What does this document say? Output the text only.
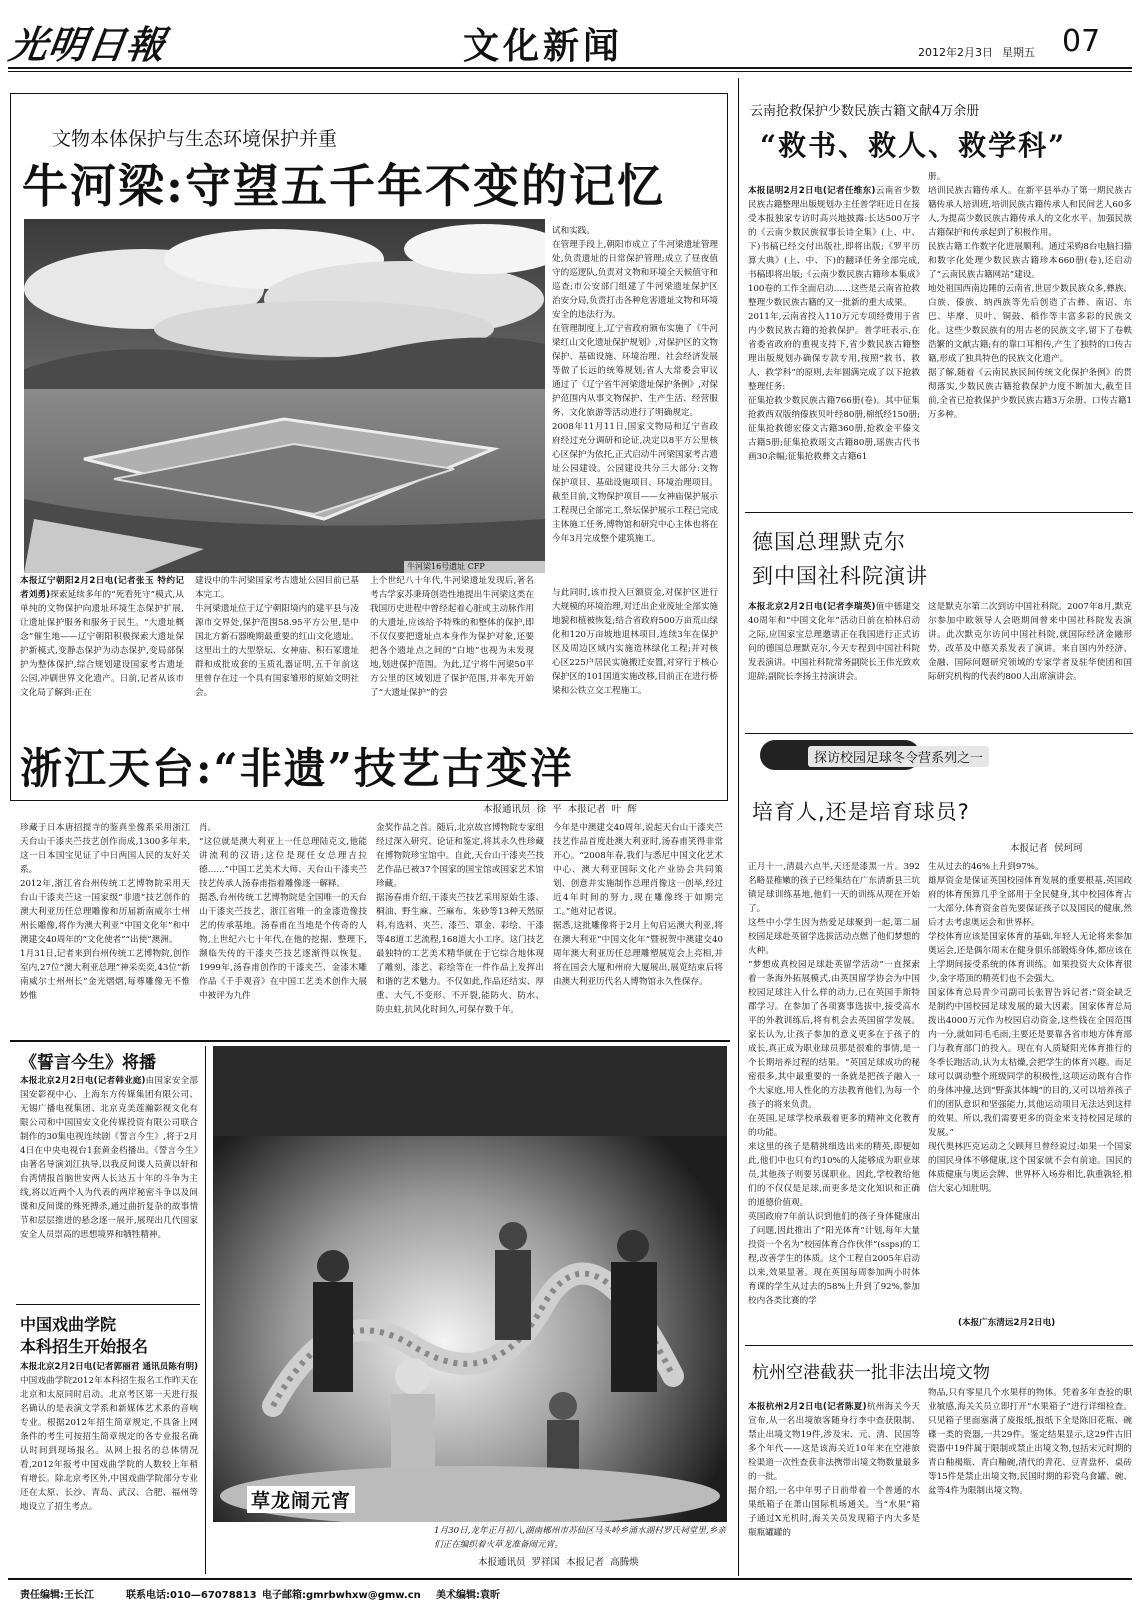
光明日報	文化新闻	2012年2月3日 星期五 07
文物本体保护与生态环境保护并重
牛河梁:守望五千年不变的记忆
牛河梁16号遗址 CFP
本报辽宁朝阳2月2日电(记者张玉 特约记者刘勇)探索延续多年的“死看死守”模式,从单纯的文物保护向遗址环境生态保护扩展,让遗址保护服务和服务于民生。“大遗址概念”催生地——辽宁朝阳积极探索大遗址保护新模式,变静态保护为动态保护,变局部保护为整体保护,综合规划建设国家考古遗址公园,冲刷世界文化遗产。日前,记者从该市文化局了解到:正在
建设中的牛河梁国家考古遗址公园目前已基本完工。
牛河梁遗址位于辽宁朝阳境内的建平县与凌源市交界处,保护范围58.95平方公里,是中国北方新石器晚期最重要的红山文化遗址。这里出土的大型祭坛、女神庙、积石冢遗址群和成批成套的玉质礼器证明,五千年前这里曾存在过一个具有国家雏形的原始文明社会。
上个世纪八十年代,牛河梁遗址发现后,著名考古学家苏秉琦创造性地提出牛河梁这类在我国历史进程中曾经起着心脏或主动脉作用的大遗址,应该给予特殊的和整体的保护,即不仅仅要把遗址点本身作为保护对象,还要把各个遗址点之间的“白地”也视为未发现地,划进保护范围。为此,辽宁将牛河梁50平方公里的区域划进了保护范围,并率先开始了“大遗址保护”的尝
试和实践。
在管理手段上,朝阳市成立了牛河梁遗址管理处,负责遗址的日常保护管理;成立了昼夜值守的巡逻队,负责对文物和环境全天候值守和巡查;市公安部门组建了牛河梁遗址保护区治安分局,负责打击各种危害遗址文物和环境安全的违法行为。
在管理制度上,辽宁省政府颁布实施了《牛河梁红山文化遗址保护规划》,对保护区的文物保护、基础设施、环境治理、社会经济发展等做了长远的统筹规划;省人大常委会审议通过了《辽宁省牛河梁遗址保护条例》,对保护范围内从事文物保护、生产生活、经营服务、文化旅游等活动进行了明确规定。
2008年11月11日,国家文物局和辽宁省政府经过充分调研和论证,决定以8平方公里核心区保护为依托,正式启动牛河梁国家考古遗址公园建设。公园建设共分三大部分:文物保护项目、基础设施项目、环境治理项目。截至目前,文物保护项目——女神庙保护展示工程现已全部完工,祭坛保护展示工程已完成主体施工任务,博物馆和研究中心主体也将在今年3月完成整个建筑施工。
与此同时,该市投入巨额资金,对保护区进行大规模的环境治理,对迁出企业废址全部实施地貌和植被恢复;结合省政府500万亩荒山绿化和120万亩坡地退林项目,连续3年在保护区及周边区域内实施造林绿化工程;并对核心区225户居民实施搬迁安置,对穿行于核心保护区的101国道实施改移,目前正在进行桥梁和公铁立交工程施工。
浙江天台:“非遗”技艺古变洋
本报通讯员  徐  平  本报记者  叶  辉
珍藏于日本唐招提寺的鉴真坐像系采用浙江天台山干漆夹苎技艺创作而成,1300多年来,这一日本国宝见证了中日两国人民的友好关系。
2012年,浙江省台州传统工艺博物院采用天台山干漆夹苎这一国家级“非遗”技艺创作的澳大利亚历任总理雕像和历届新南威尔士州州长雕像,将作为澳大利亚“中国文化年”和中澳建交40周年的“文化使者”“出使”澳洲。
1月31日,记者来到台州传统工艺博物院,创作室内,27位“澳大利亚总理”神采奕奕,43位“新南威尔士州州长”金光熠熠,每尊雕像无不惟妙惟
肖。
“这位就是澳大利亚上一任总理陆克文,他能讲流利的汉语;这位是现任女总理吉拉德……”中国工艺美术大师、天台山干漆夹苎技艺传承人汤春甫指着雕像逐一解释。
据悉,台州传统工艺博物院是全国唯一的天台山干漆夹苎技艺、浙江省唯一的金漆造像技艺的传承基地。汤春甫在当地是个传奇的人物,上世纪六七十年代,在他的挖掘、整理下,濒临失传的干漆夹苎技艺逐渐得以恢复。1999年,汤春甫创作的干漆夹苎、金漆木雕作品《千手观音》在中国工艺美术创作大展中被评为九件
金奖作品之首。随后,北京故宫博物院专家组经过深入研究、论证和鉴定,将其永久性珍藏在博物院珍宝馆中。自此,天台山干漆夹苎技艺作品已被37个国家的国宝馆或国家艺术馆珍藏。
据汤春甫介绍,干漆夹苎技艺采用原始生漆、桐油、野生麻、苎麻布、朱砂等13种天然原料,有选料、夹苎、漆苎、罩金、彩绘、干漆等48道工艺流程,168道大小工序。这门技艺最独特的工艺美术精华就在于它综合地体现了雕刻、漆艺、彩绘等在一件作品上发挥出和谐的艺术魅力。不仅如此,作品还结实、厚重、大气,不变形、不开裂,能防火、防水、防虫蛀,抗风化时间久,可保存数千年。
今年是中澳建交40周年,说起天台山干漆夹苎技艺作品首度赴澳大利亚时,汤春甫笑得非常开心。“2008年春,我们与悉尼中国文化艺术中心、澳大利亚国际文化产业协会共同策划、创意并实施制作总理肖像这一创举,经过近4年时间的努力,现在雕像终于如期完工。”他对记者说。
据悉,这批雕像将于2月上旬启运澳大利亚,将在澳大利亚“中国文化年”暨祝贺中澳建交40周年澳大利亚历任总理雕塑展览会上亮相,并将在国会大厦和州府大厦展出,展览结束后将由澳大利亚历代名人博物馆永久性保存。
《誓言今生》将播
本报北京2月2日电(记者韩业庭)由国家安全部国安影视中心、上海东方传媒集团有限公司、无锡广播电视集团、北京克美莲瀚影视文化有限公司和中国国安文化传媒投资有限公司联合制作的30集电视连续剧《誓言今生》,将于2月4日在中央电视台1套黄金档播出。《誓言今生》由著名导演刘江执导,以我反间谍人员黄以轩和台湾情报首脑世安两人长达五十年的斗争为主线,将以近两个人为代表的两岸秘密斗争以及间谍和反间谍的殊死搏杀,通过曲折复杂的故事情节和层层推进的悬念逐一展开,展现出几代国家安全人员崇高的思想境界和牺牲精神。
中国戏曲学院
本科招生开始报名
本报北京2月2日电(记者郭丽君 通讯员陈有明)中国戏曲学院2012年本科招生报名工作昨天在北京和太原同时启动。北京考区第一天进行报名确认的是表演文学系和新媒体艺术系的音响专业。根据2012年招生简章规定,不具备上网条件的考生可按招生简章规定的各专业报名确认时间到现场报名。从网上报名的总体情况看,2012年报考中国戏曲学院的人数较上年稍有增长。除北京考区外,中国戏曲学院部分专业还在太原、长沙、青岛、武汉、合肥、福州等地设立了招生考点。	草龙闹元宵
1月30日,龙年正月初八,湖南郴州市苏仙区马头岭乡涌水湖村罗氏祠堂里,乡亲们正在编织着火草龙准备闹元宵。
本报通讯员  罗祥国  本报记者  高腾焕
云南抢救保护少数民族古籍文献4万余册
“救书、救人、救学科”

本报昆明2月2日电(记者任维东)云南省少数民族古籍整理出版规划办主任普学旺近日在接受本报独家专访时高兴地披露:长达500万字的《云南少数民族叙事长诗全集》(上、中、下)书稿已经交付出版社,即将出版;《罗平历算大典》(上、中、下)的翻译任务全部完成,书稿即将出版;《云南少数民族古籍珍本集成》100卷的工作全面启动……这些是云南省抢救整理少数民族古籍的又一批新的重大成果。
2011年,云南省投入110万元专项经费用于省内少数民族古籍的抢救保护。普学旺表示,在省委省政府的重视支持下,省少数民族古籍整理出版规划办确保专款专用,按照“救书、救人、救学科”的原则,去年圆满完成了以下抢救整理任务:
征集抢救少数民族古籍766册(卷)。其中征集抢救西双版纳傣族贝叶经80册,棉纸经150册;征集抢救德宏傣文古籍360册,抢救金平傣文古籍5册;征集抢救瑶文古籍80册,瑶族古代书画30余幅;征集抢救彝文古籍61

册。
培训民族古籍传承人。在新平县举办了第一期民族古籍传承人培训班,培训民族古籍传承人和民间艺人60多人,为提高少数民族古籍传承人的文化水平、加强民族古籍保护和传承起到了积极作用。
民族古籍工作数字化进展顺利。通过采购8台电脑扫描和数字化处理少数民族古籍珍本660册(卷),还启动了“云南民族古籍网站”建设。
地处祖国西南边陲的云南省,世居少数民族众多,彝族、白族、傣族、纳西族等先后创造了古彝、南诏、东巴、毕摩、贝叶、铜鼓、稻作等丰富多彩的民族文化。这些少数民族有的用古老的民族文字,留下了卷帙浩繁的文献古籍;有的靠口耳相传,产生了独特的口传古籍,形成了独具特色的民族文化遗产。
据了解,随着《云南民族民间传统文化保护条例》的贯彻落实,少数民族古籍抢救保护力度不断加大,截至目前,全省已抢救保护少数民族古籍3万余册、口传古籍1万多种。
德国总理默克尔
到中国社科院演讲
本报北京2月2日电(记者李瑞英)值中德建交40周年和“中国文化年”活动日前在柏林启动之际,应国家宝总理邀请正在我国进行正式访问的德国总理默克尔,今天专程到中国社科院发表演讲。中国社科院常务副院长王伟光致欢迎辞;副院长李扬主持演讲会。
这是默克尔第二次到访中国社科院。2007年8月,默克尔参加中欧领导人会晤期间曾来中国社科院发表演讲。此次默克尔访问中国社科院,就国际经济金融形势、改革及中德关系发表了演讲。来自国内外经济、金融、国际问题研究领域的专家学者及驻华使团和国际研究机构的代表约800人出席演讲会。
探访校园足球冬令营系列之一
培育人,还是培育球员?
本报记者  侯珂珂
正月十一,清晨六点半,天还是漆黑一片。392名略显稚嫩的孩子已经集结在广东清新县三坑镇足球训练基地,他们一天的训练从现在开始了。
这些中小学生因为热爱足球聚到一起,第二届校园足球赴英留学选拔活动点燃了他们梦想的火种。
“梦想成真校园足球赴英留学活动”一直探索着一条海外拓展模式,由英国留学协会为中国校园足球注入什么样的动力,已在英国手斯特郡学习。在参加了各项赛事选拔中,接受高水平的外教训练后,将有机会去英国留学发展。家长认为,让孩子参加的意义更多在于孩子的成长,真正成为职业球员那是很难的事情,是一个长期培养过程的结果。“英国足球成功的秘密很多,其中最重要的一条就是把孩子融入一个大家庭,用人性化的方法教育他们,为每一个孩子的将来负责。
在英国,足球学校承载着更多的精神文化教育的功能。
来这里的孩子是精挑细选出来的精英,即便如此,他们中也只有约10%的人能够成为职业球员,其他孩子则要另谋职业。因此,学校教给他们的不仅仅是足球,而更多是文化知识和正确的道德价值观。
英国政府7年前认识到他们的孩子身体健康出了问题,因此推出了“阳光体育”计划,每年大量投资一个名为“校园体育合作伙伴”(ssps)的工程,改善学生的体质。这个工程自2005年启动以来,效果显著。现在英国每周参加两小时体育课的学生从过去的58%上升到了92%,参加校内各类比赛的学
生从过去的46%上升到97%。
雄厚资金是保证英国校园体育发展的重要根基,英国政府的体育预算几乎全部用于全民健身,其中校园体育占一大部分,体育资金首先要保证孩子以及国民的健康,然后才去考虑奥运会和世界杯。
学校体育应该是国家体育的基础,年轻人无论将来参加奥运会,还是偶尔周末在健身俱乐部锻炼身体,都应该在上学期间接受系统的体育训练。如果投资大众体育很少,金字塔顶的精英们也不会强大。
国家体育总局青少司副司长张智告诉记者:“资金缺乏是制约中国校园足球发展的最大因素。国家体育总局拨出4000万元作为校园启动资金,这些钱在全国范围内一分,就如同毛毛雨,主要还是要靠各省市地方体育部门与教育部门的投入。现在有人质疑阳光体育推行的冬季长跑活动,认为太枯燥,会把学生的体育兴趣。而足球可以调动整个班级同学的积极性,这项运动既有合作的身体冲撞,达到“野蛮其体魄”的目的,又可以培养孩子们的团队意识和坚强能力,其他运动项目无法达到这样的效果。所以,我们需要更多的资金来支持校园足球的发展。”
现代奥林匹克运动之父顾拜旦曾经说过:如果一个国家的国民身体不够健康,这个国家就不会有前途。国民的体质健康与奥运会牌、世界杯入场券相比,孰重孰轻,相信大家心知肚明。
(本报广东清远2月2日电)
杭州空港截获一批非法出境文物

本报杭州2月2日电(记者陈夏)杭州海关今天宣布,从一名出境旅客随身行李中查获限制、禁止出境文物19件,涉及宋、元、清、民国等多个年代——这是该海关近10年来在空港旅检渠道一次性查获非法携带出境文物数量最多的一批。
据介绍,一名中年男子日前带着一个普通的水果纸箱子在萧山国际机场通关。当“水果”箱子通过X光机时,海关关员发现箱子内大多是瓶瓶罐罐的

物品,只有零星几个水果样的物体。凭着多年查验的职业敏感,海关关员立即打开“水果箱子”进行详细检查。只见箱子里面塞满了废报纸,报纸下全是陈旧花瓶、碗碟一类的瓷器,一共29件。鉴定结果显示,这29件古旧瓷器中19件属于限制或禁止出境文物,包括宋元时期的青白釉褐瓶、青白釉碗,清代的青花、豆青盘杯、桌砖等15件是禁止出境文物,民国时期的彩瓷鸟食罐、碗、盆等4件为限制出境文物。
责任编辑:王长江	联系电话:010—67078813 电子邮箱:gmrbwhxw@gmw.cn 美术编辑:袁昕
